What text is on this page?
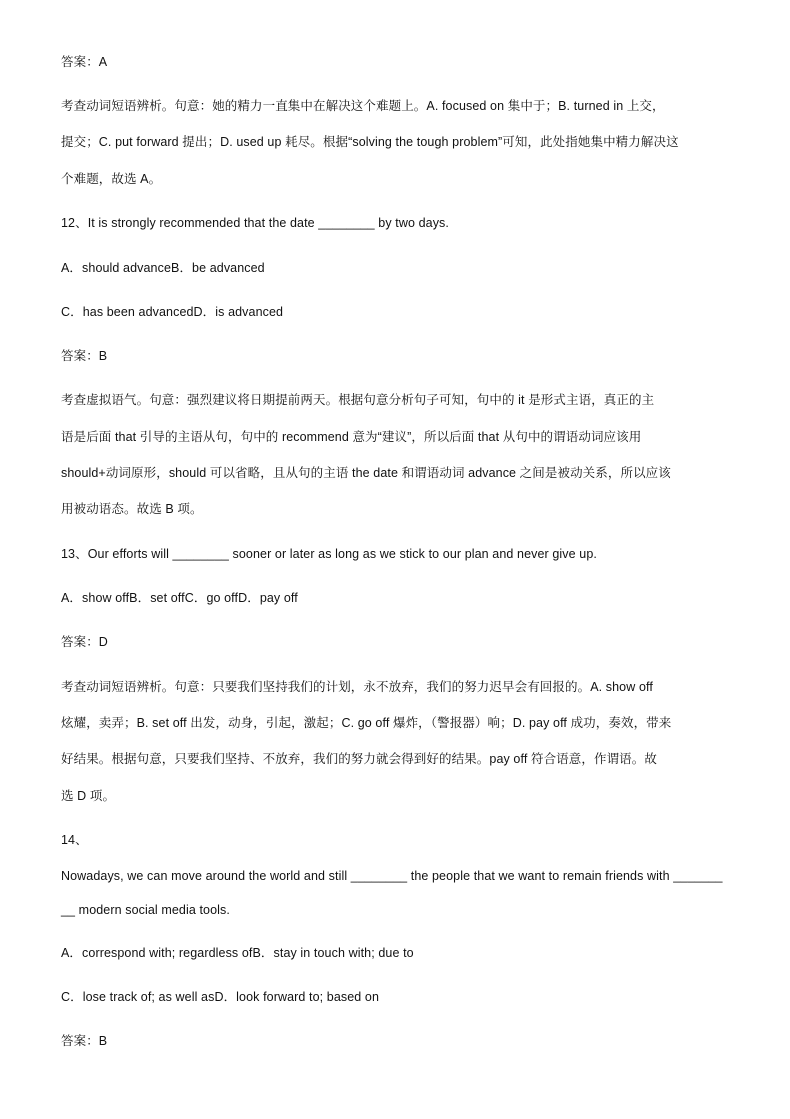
答案：A
考查动词短语辨析。句意：她的精力一直集中在解决这个难题上。A. focused on 集中于；B. turned in 上交，
提交；C. put forward 提出；D. used up 耗尽。根据“solving the tough problem”可知，此处指她集中精力解决这
个难题，故选 A。
12、It is strongly recommended that the date ________ by two days.
A．should advanceB．be advanced
C．has been advancedD．is advanced
答案：B
考查虚拟语气。句意：强烈建议将日期提前两天。根据句意分析句子可知，句中的 it 是形式主语，真正的主
语是后面 that 引导的主语从句，句中的 recommend 意为“建议”，所以后面 that 从句中的谓语动词应该用
should+动词原形，should 可以省略，且从句的主语 the date 和谓语动词 advance 之间是被动关系，所以应该
用被动语态。故选 B 项。
13、Our efforts will ________ sooner or later as long as we stick to our plan and never give up.
A．show offB．set offC．go offD．pay off
答案：D
考查动词短语辨析。句意：只要我们坚持我们的计划，永不放弃，我们的努力迟早会有回报的。A. show off
炫耀，卖弄；B. set off 出发，动身，引起，激起；C. go off 爆炸，（警报器）响；D. pay off 成功，奏效，带来
好结果。根据句意，只要我们坚持、不放弃，我们的努力就会得到好的结果。pay off 符合语意，作谓语。故
选 D 项。
14、
Nowadays, we can move around the world and still ________ the people that we want to remain friends with _______
__ modern social media tools.
A．correspond with; regardless ofB．stay in touch with; due to
C．lose track of; as well asD．look forward to; based on
答案：B
